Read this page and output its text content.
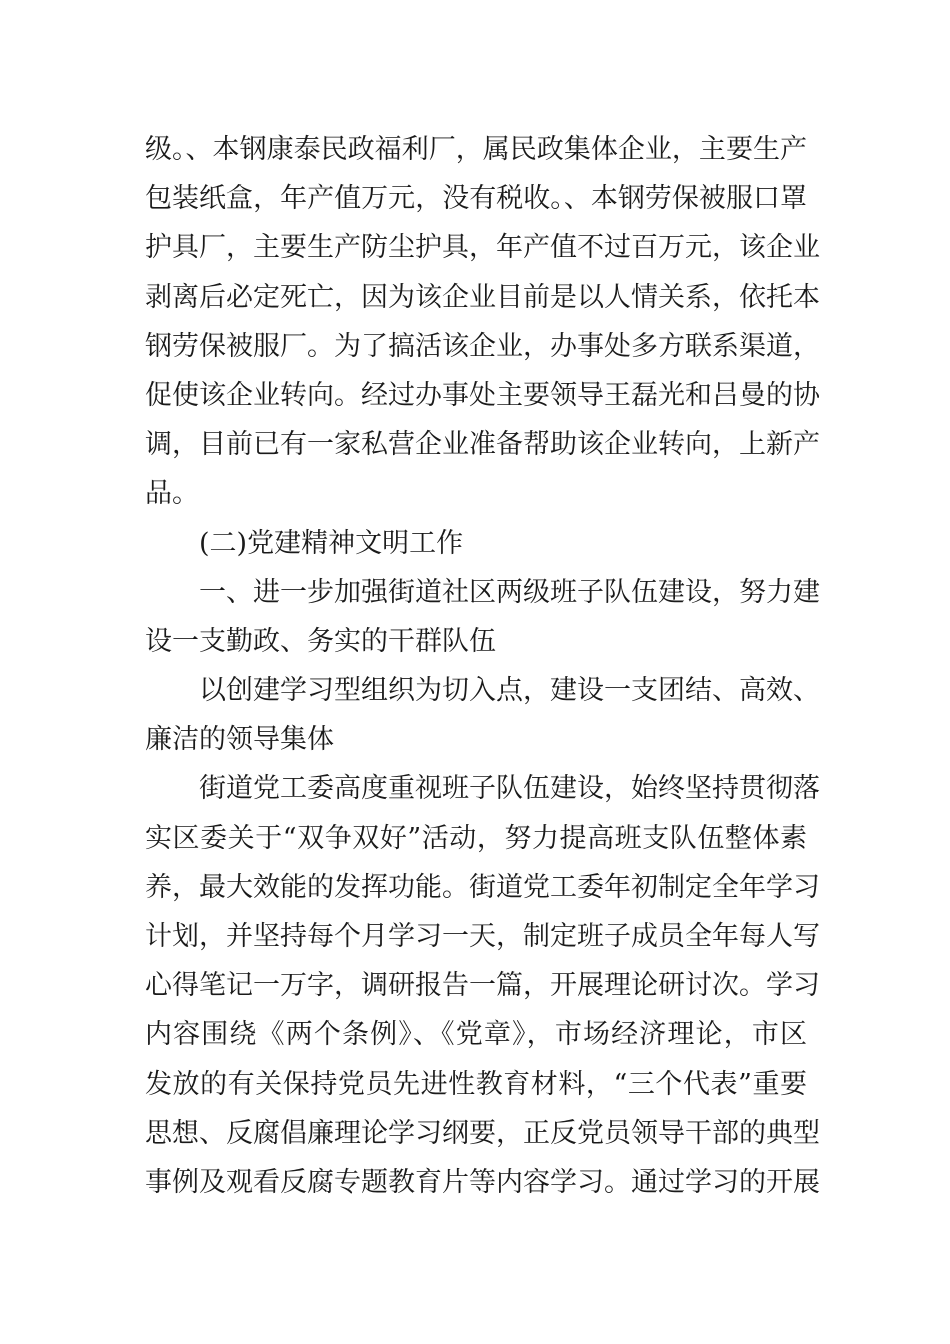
级。、本钢康泰民政福利厂，属民政集体企业，主要生产
包装纸盒，年产值万元，没有税收。、本钢劳保被服口罩
护具厂，主要生产防尘护具，年产值不过百万元，该企业
剥离后必定死亡，因为该企业目前是以人情关系，依托本
钢劳保被服厂。为了搞活该企业，办事处多方联系渠道，
促使该企业转向。经过办事处主要领导王磊光和吕曼的协
调，目前已有一家私营企业准备帮助该企业转向，上新产
品。
(二)党建精神文明工作
一、进一步加强街道社区两级班子队伍建设，努力建
设一支勤政、务实的干群队伍
以创建学习型组织为切入点，建设一支团结、高效、
廉洁的领导集体
街道党工委高度重视班子队伍建设，始终坚持贯彻落
实区委关于“双争双好”活动，努力提高班支队伍整体素
养，最大效能的发挥功能。街道党工委年初制定全年学习
计划，并坚持每个月学习一天，制定班子成员全年每人写
心得笔记一万字，调研报告一篇，开展理论研讨次。学习
内容围绕《两个条例》、《党章》，市场经济理论，市区
发放的有关保持党员先进性教育材料，“三个代表”重要
思想、反腐倡廉理论学习纲要，正反党员领导干部的典型
事例及观看反腐专题教育片等内容学习。通过学习的开展
